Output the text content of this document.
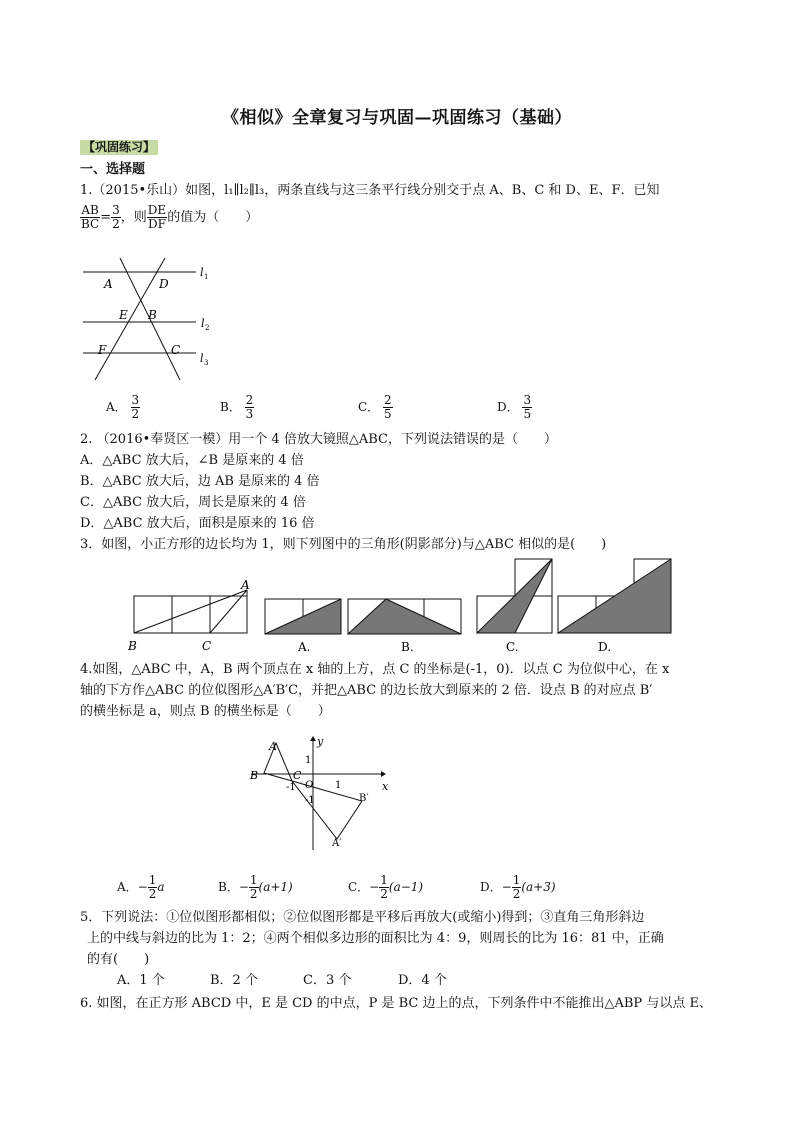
《相似》全章复习与巩固—巩固练习（基础）
【巩固练习】
一、选择题
1.（2015•乐山）如图，l₁∥l₂∥l₃，两条直线与这三条平行线分别交于点 A、B、C 和 D、E、F．已知
$\frac{AB}{BC} = \frac{3}{2}$ ，则 $\frac{DE}{DF}$ 的值为（　　）
A	D
E B
F	C
l 1
l 2
l 3
A． $\frac{3}{2}$	B． $\frac{2}{3}$	C． $\frac{2}{5}$	D． $\frac{3}{5}$
2. （2016•奉贤区一模）用一个 4 倍放大镜照△ABC，下列说法错误的是（　　）
A．△ABC 放大后，∠B 是原来的 4 倍
B．△ABC 放大后，边 AB 是原来的 4 倍
C．△ABC 放大后，周长是原来的 4 倍
D．△ABC 放大后，面积是原来的 16 倍
3．如图，小正方形的边长均为 1，则下列图中的三角形(阴影部分)与△ABC 相似的是(　　)
A
B	C	A.	B.	C.	D.
4.如图，△ABC 中，A，B 两个顶点在 x 轴的上方，点 C 的坐标是(-1，0)．以点 C 为位似中心，在 x
轴的下方作△ABC 的位似图形△A′B′C，并把△ABC 的边长放大到原来的 2 倍．设点 B 的对应点 B′
的横坐标是 a，则点 B 的横坐标是（　　）
y
x
A
B	C
O
1
-1
-1
1
B′
A′
A．− $\frac{1}{2}$ a	B．− $\frac{1}{2} (a+1)$	C．− $\frac{1}{2} (a-1)$	D．− $\frac{1}{2} (a+3)$
5．下列说法：①位似图形都相似；②位似图形都是平移后再放大(或缩小)得到；③直角三角形斜边
上的中线与斜边的比为 1：2；④两个相似多边形的面积比为 4：9，则周长的比为 16：81 中，正确
的有(　　)
A．1 个	B．2 个	C．3 个	D．4 个
6. 如图，在正方形 ABCD 中，E 是 CD 的中点，P 是 BC 边上的点，下列条件中不能推出△ABP 与以点 E、
